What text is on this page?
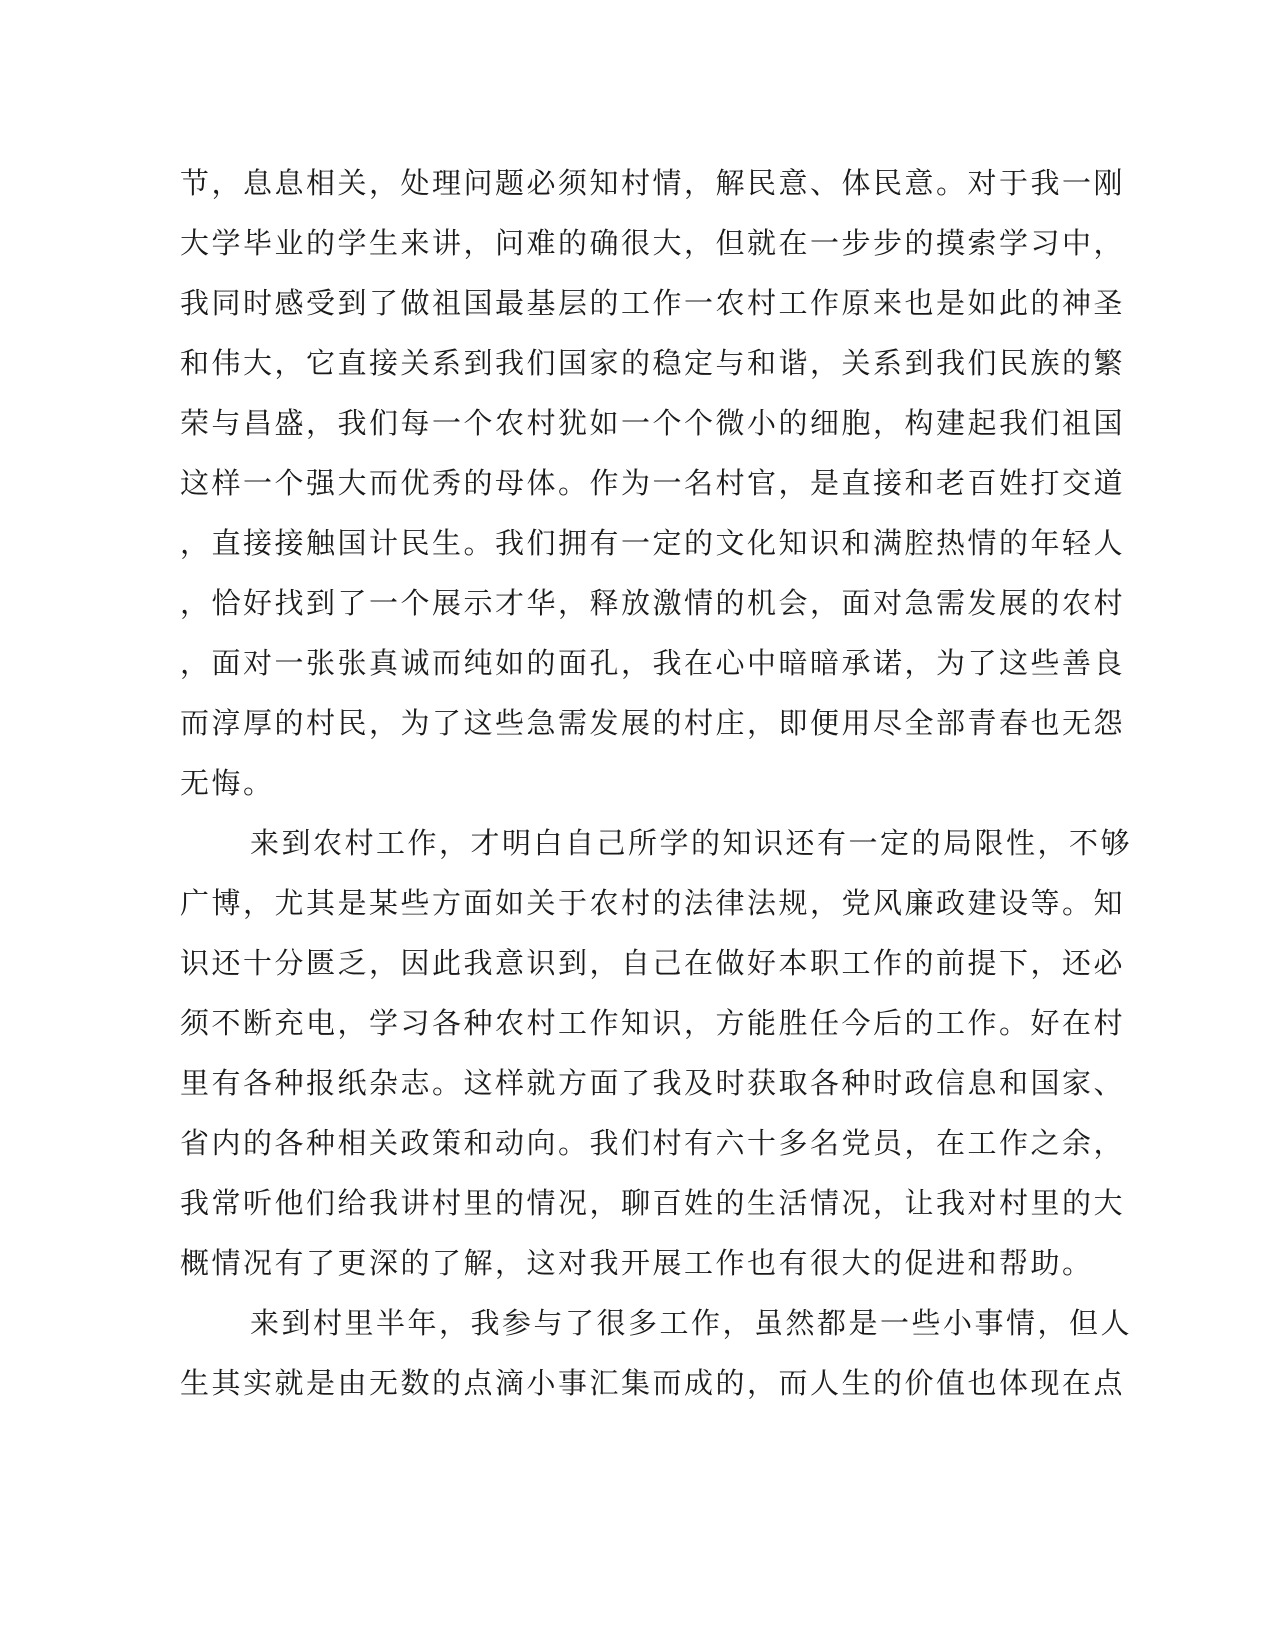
节，息息相关，处理问题必须知村情，解民意、体民意。对于我一刚
大学毕业的学生来讲，问难的确很大，但就在一步步的摸索学习中，
我同时感受到了做祖国最基层的工作一农村工作原来也是如此的神圣
和伟大，它直接关系到我们国家的稳定与和谐，关系到我们民族的繁
荣与昌盛，我们每一个农村犹如一个个微小的细胞，构建起我们祖国
这样一个强大而优秀的母体。作为一名村官，是直接和老百姓打交道
，直接接触国计民生。我们拥有一定的文化知识和满腔热情的年轻人
，恰好找到了一个展示才华，释放激情的机会，面对急需发展的农村
，面对一张张真诚而纯如的面孔，我在心中暗暗承诺，为了这些善良
而淳厚的村民，为了这些急需发展的村庄，即便用尽全部青春也无怨
无悔。
来到农村工作，才明白自己所学的知识还有一定的局限性，不够
广博，尤其是某些方面如关于农村的法律法规，党风廉政建设等。知
识还十分匮乏，因此我意识到，自己在做好本职工作的前提下，还必
须不断充电，学习各种农村工作知识，方能胜任今后的工作。好在村
里有各种报纸杂志。这样就方面了我及时获取各种时政信息和国家、
省内的各种相关政策和动向。我们村有六十多名党员，在工作之余，
我常听他们给我讲村里的情况，聊百姓的生活情况，让我对村里的大
概情况有了更深的了解，这对我开展工作也有很大的促进和帮助。
来到村里半年，我参与了很多工作，虽然都是一些小事情，但人
生其实就是由无数的点滴小事汇集而成的，而人生的价值也体现在点
